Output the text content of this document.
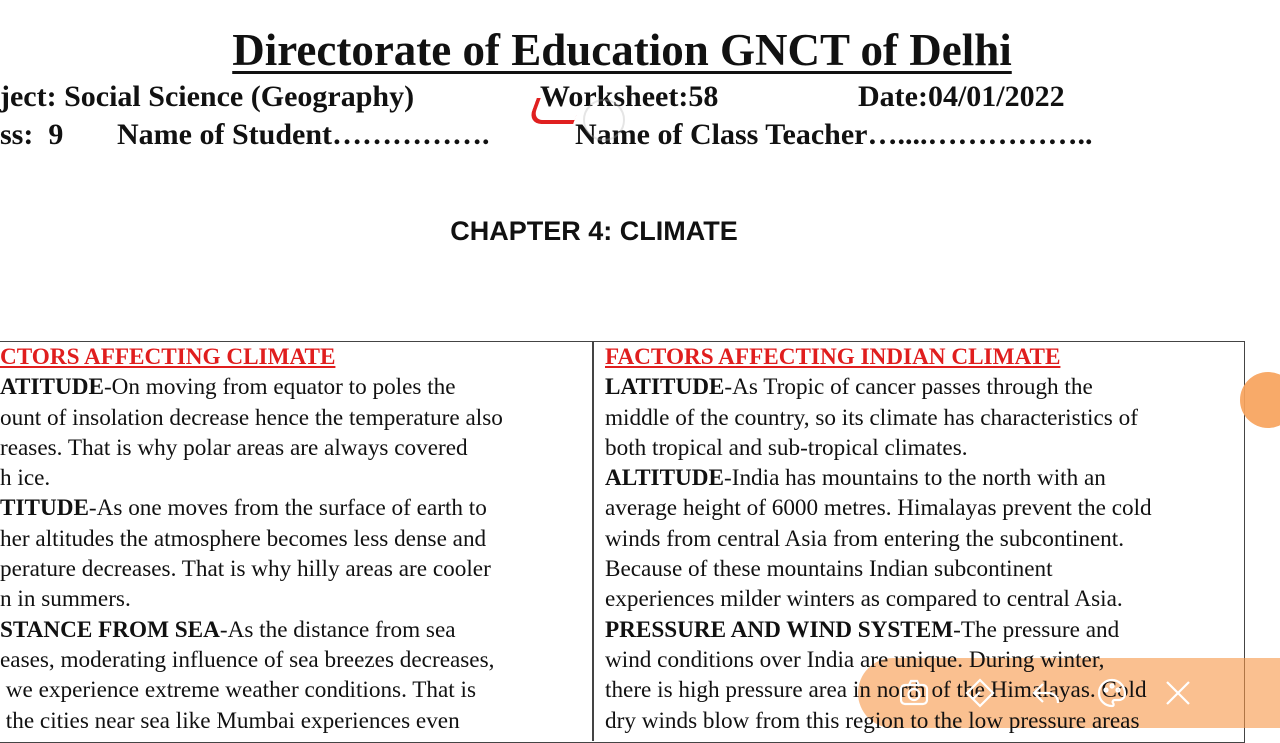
Directorate of Education GNCT of Delhi
ject: Social Science (Geography)	Worksheet:58	Date:04/01/2022
ss:  9 Name of Student…………….	Name of Class Teacher…....……………..
CHAPTER 4: CLIMATE
CTORS AFFECTING CLIMATE
ATITUDE-On moving from equator to poles the
ount of insolation decrease hence the temperature also
reases. That is why polar areas are always covered
h ice.
TITUDE-As one moves from the surface of earth to
her altitudes the atmosphere becomes less dense and
perature decreases. That is why hilly areas are cooler
n in summers.
STANCE FROM SEA-As the distance from sea
eases, moderating influence of sea breezes decreases,
we experience extreme weather conditions. That is
the cities near sea like Mumbai experiences even
FACTORS AFFECTING INDIAN CLIMATE
LATITUDE-As Tropic of cancer passes through the
middle of the country, so its climate has characteristics of
both tropical and sub-tropical climates.
ALTITUDE-India has mountains to the north with an
average height of 6000 metres. Himalayas prevent the cold
winds from central Asia from entering the subcontinent.
Because of these mountains Indian subcontinent
experiences milder winters as compared to central Asia.
PRESSURE AND WIND SYSTEM-The pressure and
wind conditions over India are unique. During winter,
there is high pressure area in north of the Himalayas. Cold
dry winds blow from this region to the low pressure areas
